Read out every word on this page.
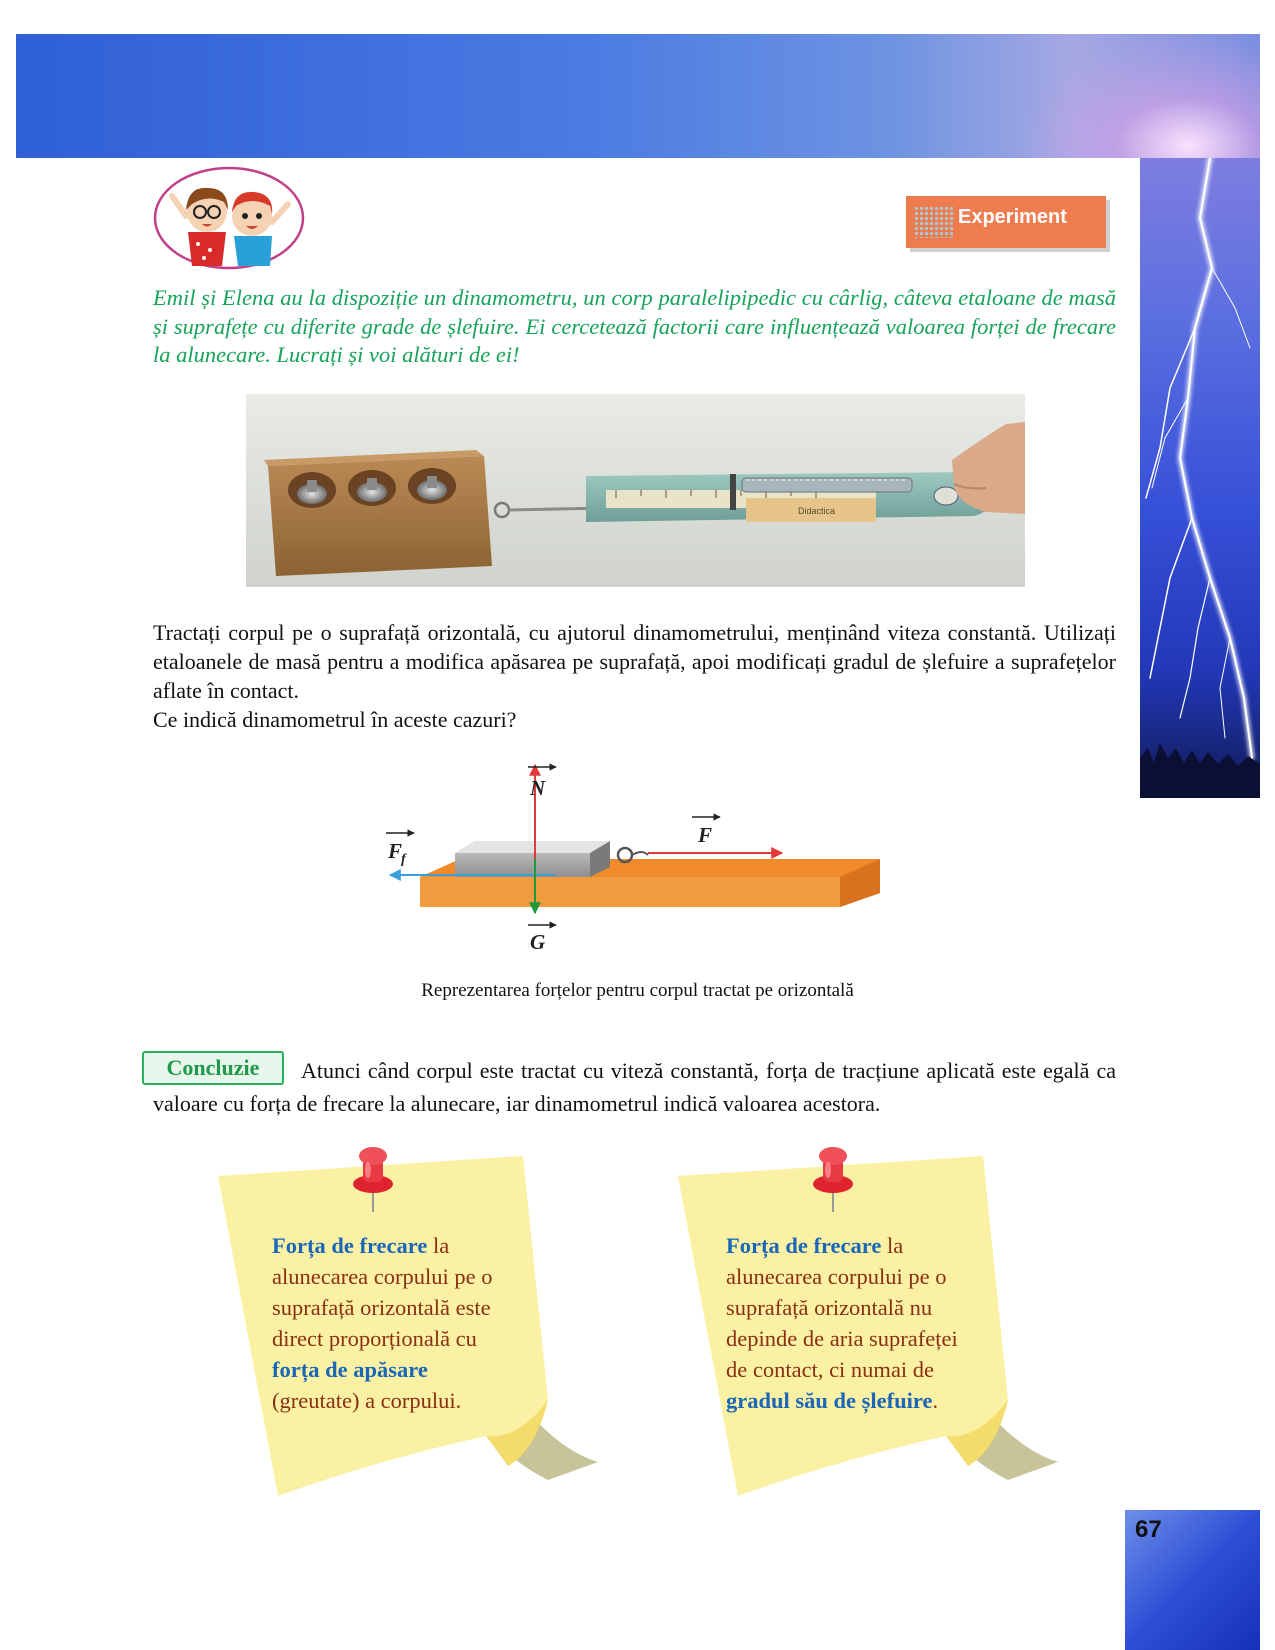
Experiment

Emil și Elena au la dispoziție un dinamometru, un corp paralelipipedic cu cârlig, câteva etaloane de masă și suprafețe cu diferite grade de șlefuire. Ei cercetează factorii care influențează valoarea forței de frecare la alunecare. Lucrați și voi alături de ei!

Didactica

Tractați corpul pe o suprafață orizontală, cu ajutorul dinamometrului, menținând viteza constantă. Utilizați etaloanele de masă pentru a modifica apăsarea pe suprafață, apoi modificați gradul de șlefuire a suprafețelor aflate în contact.
Ce indică dinamometrul în aceste cazuri?

N
F
F
f
G
Reprezentarea forțelor pentru corpul tractat pe orizontală

Atunci când corpul este tractat cu viteză constantă, forța de tracțiune aplicată este egală ca valoare cu forța de frecare la alunecare, iar dinamometrul indică valoarea acestora.

Concluzie
Forța de frecare la alunecarea corpului pe o suprafață orizontală este direct proporțională cu forța de apăsare (greutate) a corpului.
Forța de frecare la alunecarea corpului pe o suprafață orizontală nu depinde de aria suprafeței de contact, ci numai de gradul său de șlefuire.
67
